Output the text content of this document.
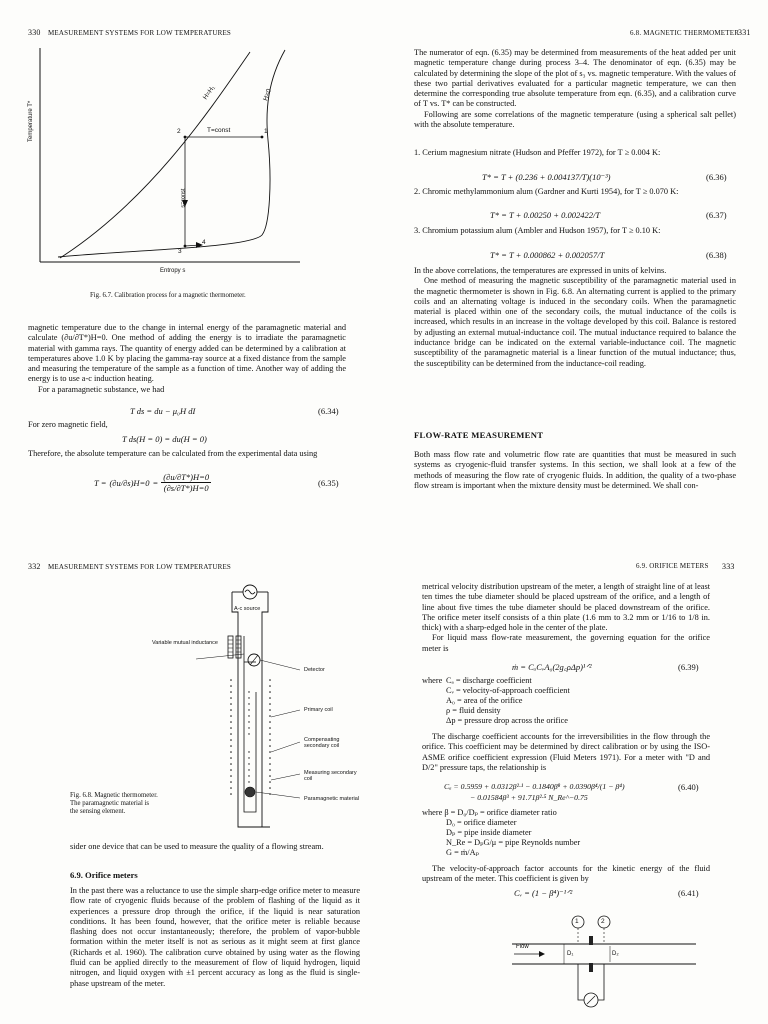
330 MEASUREMENT SYSTEMS FOR LOW TEMPERATURES
Temperature T*
Entropy s
H=H₁	H=0
T=const
s=const
2	1
3
4
Fig. 6.7. Calibration process for a magnetic thermometer.

magnetic temperature due to the change in internal energy of the paramagnetic material and calculate (∂u/∂T*)H=0. One method of adding the energy is to irradiate the paramagnetic material with gamma rays. The quantity of energy added can be determined by a calibration at temperatures above 1.0 K by placing the gamma-ray source at a fixed distance from the sample and measuring the temperature of the sample as a function of time. Another way of adding the energy is to use a-c induction heating.

For a paramagnetic substance, we had

T ds = du − μ₀H dI	(6.34)
For zero magnetic field,
T ds(H = 0) = du(H = 0)
Therefore, the absolute temperature can be calculated from the experimental data using
$T = (\partial u/\partial s)H=0 = \frac{(\partial u/\partial T*)H=0}{(\partial s/\partial T*)H=0}$	(6.35)
6.8. MAGNETIC THERMOMETER
331

The numerator of eqn. (6.35) may be determined from measurements of the heat added per unit magnetic temperature change during process 3–4. The denominator of eqn. (6.35) may be calculated by determining the slope of the plot of s₃ vs. magnetic temperature. With the values of these two partial derivatives evaluated for a particular magnetic temperature, we can then determine the corresponding true absolute temperature from eqn. (6.35), and a calibration curve of T vs. T* can be constructed.

Following are some correlations of the magnetic temperature (using a spherical salt pellet) with the absolute temperature.

1. Cerium magnesium nitrate (Hudson and Pfeffer 1972), for T ≥ 0.004 K:
T* = T + (0.236 + 0.004137/T)(10⁻³)	(6.36)
2. Chromic methylammonium alum (Gardner and Kurti 1954), for T ≥ 0.070 K:
T* = T + 0.00250 + 0.002422/T	(6.37)
3. Chromium potassium alum (Ambler and Hudson 1957), for T ≥ 0.10 K:
T* = T + 0.000862 + 0.002057/T	(6.38)

In the above correlations, the temperatures are expressed in units of kelvins.

One method of measuring the magnetic susceptibility of the paramagnetic material used in the magnetic thermometer is shown in Fig. 6.8. An alternating current is applied to the primary coils and an alternating voltage is induced in the secondary coils. When the paramagnetic material is placed within one of the secondary coils, the mutual inductance of the coils is increased, which results in an increase in the voltage developed by this coil. Balance is restored by adjusting an external mutual-inductance coil. The mutual inductance required to balance the inductance bridge can be indicated on the external variable-inductance coil. The magnetic susceptibility of the paramagnetic material is a linear function of the mutual inductance; thus, the susceptibility can be determined from the inductance-coil reading.

FLOW-RATE MEASUREMENT
Both mass flow rate and volumetric flow rate are quantities that must be measured in such systems as cryogenic-fluid transfer systems. In this section, we shall look at a few of the methods of measuring the flow rate of cryogenic fluids. In addition, the quality of a two-phase flow stream is important when the mixture density must be determined. We shall con-
332 MEASUREMENT SYSTEMS FOR LOW TEMPERATURES
A-c source
Variable mutual inductance
Detector
Primary coil
Compensating secondary coil
Measuring secondary coil
Paramagnetic material
Fig. 6.8. Magnetic thermometer. The paramagnetic material is the sensing element.
sider one device that can be used to measure the quality of a flowing stream.
6.9. Orifice meters
In the past there was a reluctance to use the simple sharp-edge orifice meter to measure flow rate of cryogenic fluids because of the problem of flashing of the liquid as it experiences a pressure drop through the orifice, if the liquid is near saturation conditions. It has been found, however, that the orifice meter is reliable because flashing does not occur instantaneously; therefore, the problem of vapor-bubble formation within the meter itself is not as serious as it might seem at first glance (Richards et al. 1960). The calibration curve obtained by using water as the flowing fluid can be applied directly to the measurement of flow of liquid hydrogen, liquid nitrogen, and liquid oxygen with ±1 percent accuracy as long as the fluid is single-phase upstream of the meter.
6.9. ORIFICE METERS 333

metrical velocity distribution upstream of the meter, a length of straight line of at least ten times the tube diameter should be placed upstream of the orifice, and a length of line about five times the tube diameter should be placed downstream of the orifice. The orifice meter itself consists of a thin plate (1.6 mm to 3.2 mm or 1/16 to 1/8 in. thick) with a sharp-edged hole in the center of the plate.

For liquid mass flow-rate measurement, the governing equation for the orifice meter is

ṁ = CₐCᵥA₀(2g꜀ρΔp)¹ᐟ²	(6.39)
where Cₐ = discharge coefficient
Cᵥ = velocity-of-approach coefficient
A₀ = area of the orifice
ρ = fluid density
Δp = pressure drop across the orifice
The discharge coefficient accounts for the irreversibilities in the flow through the orifice. This coefficient may be determined by direct calibration or by using the ISO-ASME orifice coefficient expression (Fluid Meters 1971). For a meter with "D and D/2" pressure taps, the relationship is
Cₐ = 0.5959 + 0.0312β²·¹ − 0.1840β⁸ + 0.0390β⁴/(1 − β⁴)	(6.40)
− 0.01584β³ + 91.71β²·⁵ N_Re^−0.75
where β = D₀/Dₚ = orifice diameter ratio
D₀ = orifice diameter
Dₚ = pipe inside diameter
N_Re = DₚG/μ = pipe Reynolds number
G = ṁ/Aₚ
The velocity-of-approach factor accounts for the kinetic energy of the fluid upstream of the meter. This coefficient is given by
Cᵥ = (1 − β⁴)⁻¹ᐟ²	(6.41)
1	2
Flow
D₁	D₂
